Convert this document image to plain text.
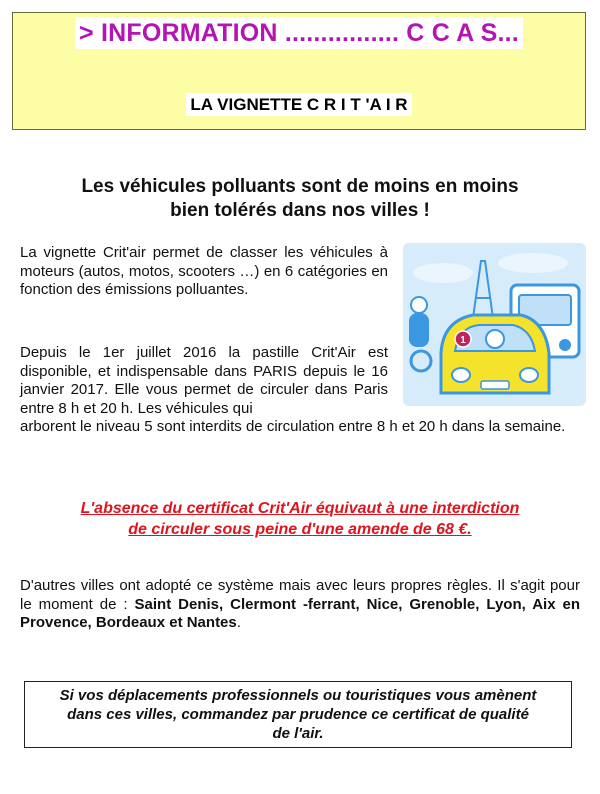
> INFORMATION ................ C C A S...
LA VIGNETTE C R I T 'A I R
Les véhicules polluants sont de moins en moins
bien tolérés dans nos villes !
La vignette Crit'air permet de classer les véhicules à moteurs (autos, motos, scooters …) en 6 catégories en fonction des émissions polluantes.
Depuis le 1er juillet 2016 la pastille Crit'Air est disponible, et indispensable dans PARIS depuis le 16 janvier 2017. Elle vous permet de circuler dans Paris entre 8 h et 20 h. Les véhicules qui
arborent le niveau 5 sont interdits de circulation entre 8 h et 20 h dans la semaine.
1
L'absence du certificat Crit'Air équivaut à une interdiction
de circuler sous peine d'une amende de 68 €.
D'autres villes ont adopté ce système mais avec leurs propres règles. Il s'agit pour le moment de : Saint Denis, Clermont -ferrant, Nice, Grenoble, Lyon, Aix en Provence, Bordeaux et Nantes.
Si vos déplacements professionnels ou touristiques vous amènent
dans ces villes, commandez par prudence ce certificat de qualité
de l'air.
